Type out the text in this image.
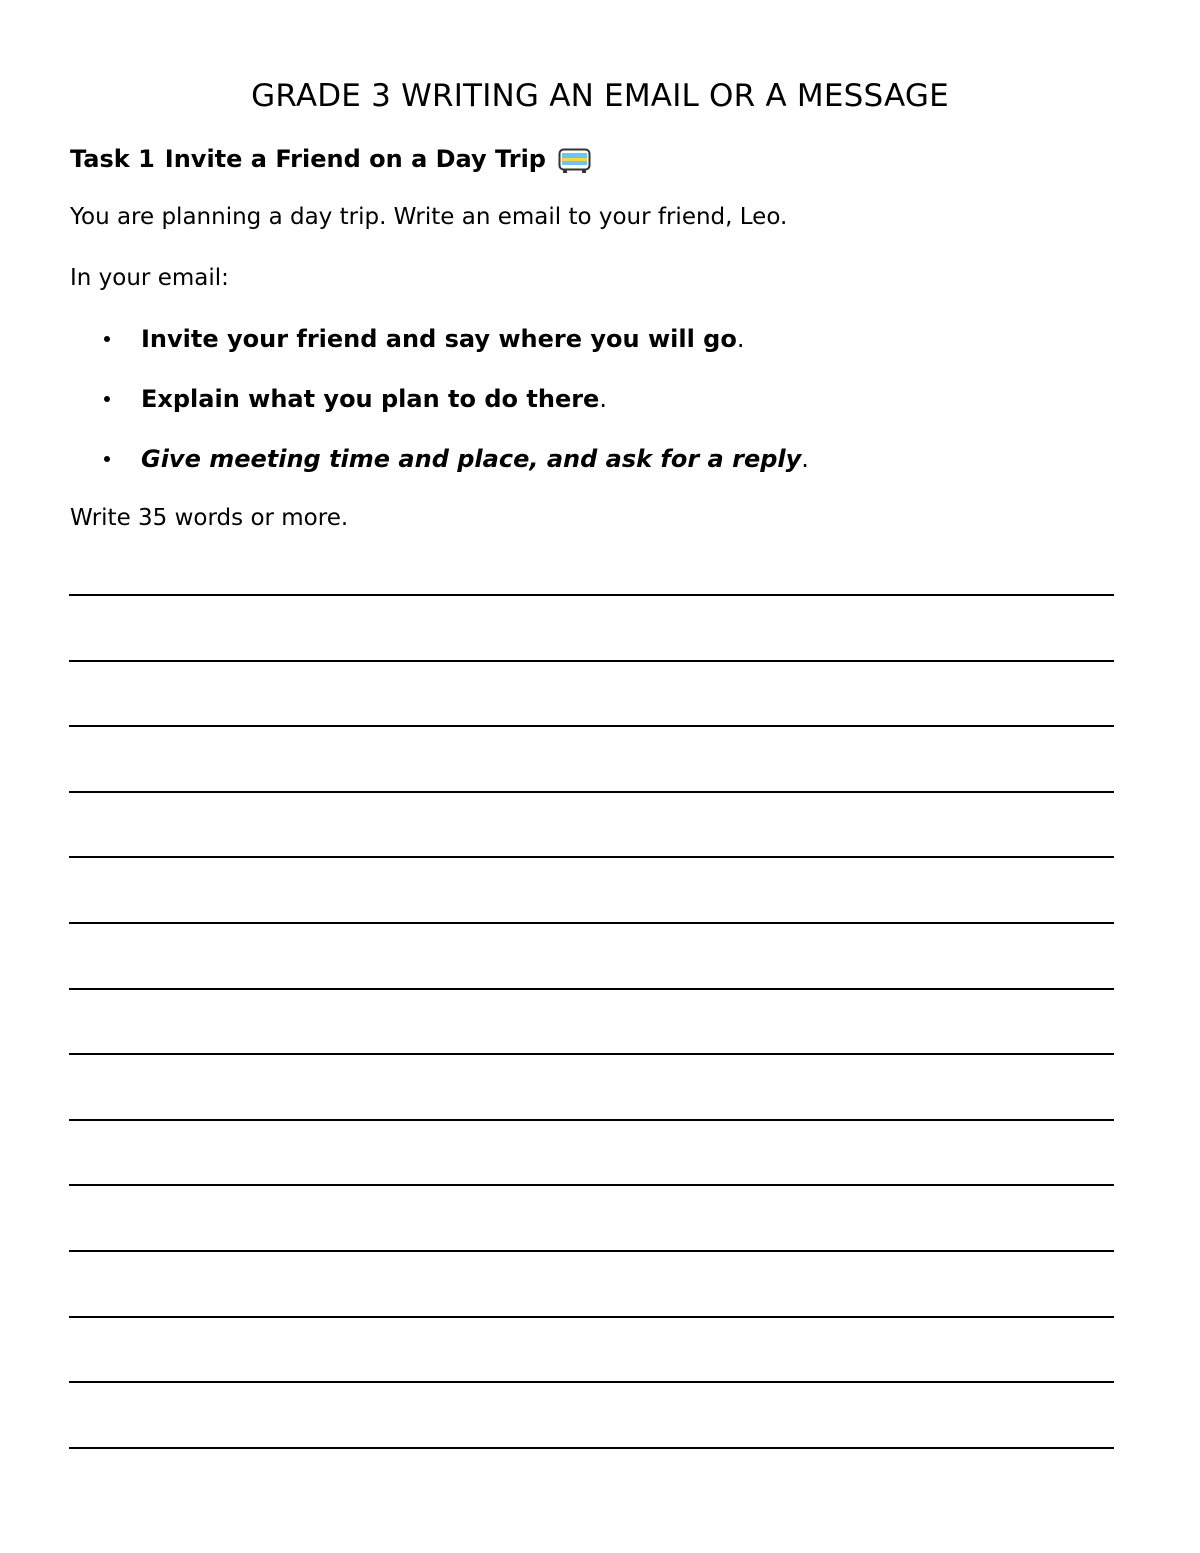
GRADE 3 WRITING AN EMAIL OR A MESSAGE
Task 1 Invite a Friend on a Day Trip
You are planning a day trip. Write an email to your friend, Leo.
In your email:
Invite your friend and say where you will go.
Explain what you plan to do there.
Give meeting time and place, and ask for a reply.
Write 35 words or more.
